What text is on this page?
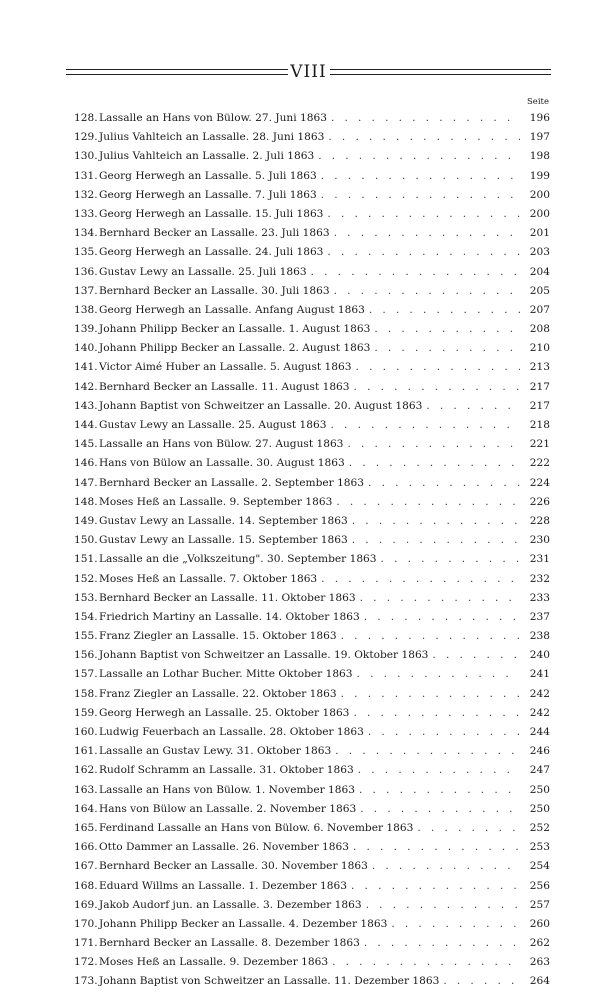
VIII
Seite
128. Lassalle an Hans von Bülow. 27. Juni 1863 . . .	196
129. Julius Vahlteich an Lassalle. 28. Juni 1863 . . .	197
130. Julius Vahlteich an Lassalle. 2. Juli 1863 . . .	198
131. Georg Herwegh an Lassalle. 5. Juli 1863 . . .	199
132. Georg Herwegh an Lassalle. 7. Juli 1863 . . .	200
133. Georg Herwegh an Lassalle. 15. Juli 1863 . . .	200
134. Bernhard Becker an Lassalle. 23. Juli 1863 . . .	201
135. Georg Herwegh an Lassalle. 24. Juli 1863 . . .	203
136. Gustav Lewy an Lassalle. 25. Juli 1863 . . .	204
137. Bernhard Becker an Lassalle. 30. Juli 1863 . . .	205
138. Georg Herwegh an Lassalle. Anfang August 1863 . . .	207
139. Johann Philipp Becker an Lassalle. 1. August 1863 . . .	208
140. Johann Philipp Becker an Lassalle. 2. August 1863 . . .	210
141. Victor Aimé Huber an Lassalle. 5. August 1863 . . .	213
142. Bernhard Becker an Lassalle. 11. August 1863 . . .	217
143. Johann Baptist von Schweitzer an Lassalle. 20. August 1863 . . .	217
144. Gustav Lewy an Lassalle. 25. August 1863 . . .	218
145. Lassalle an Hans von Bülow. 27. August 1863 . . .	221
146. Hans von Bülow an Lassalle. 30. August 1863 . . .	222
147. Bernhard Becker an Lassalle. 2. September 1863 . . .	224
148. Moses Heß an Lassalle. 9. September 1863 . . .	226
149. Gustav Lewy an Lassalle. 14. September 1863 . . .	228
150. Gustav Lewy an Lassalle. 15. September 1863 . . .	230
151. Lassalle an die „Volkszeitung". 30. September 1863 . . .	231
152. Moses Heß an Lassalle. 7. Oktober 1863 . . .	232
153. Bernhard Becker an Lassalle. 11. Oktober 1863 . . .	233
154. Friedrich Martiny an Lassalle. 14. Oktober 1863 . . .	237
155. Franz Ziegler an Lassalle. 15. Oktober 1863 . . .	238
156. Johann Baptist von Schweitzer an Lassalle. 19. Oktober 1863 . . .	240
157. Lassalle an Lothar Bucher. Mitte Oktober 1863 . . .	241
158. Franz Ziegler an Lassalle. 22. Oktober 1863 . . .	242
159. Georg Herwegh an Lassalle. 25. Oktober 1863 . . .	242
160. Ludwig Feuerbach an Lassalle. 28. Oktober 1863 . . .	244
161. Lassalle an Gustav Lewy. 31. Oktober 1863 . . .	246
162. Rudolf Schramm an Lassalle. 31. Oktober 1863 . . .	247
163. Lassalle an Hans von Bülow. 1. November 1863 . . .	250
164. Hans von Bülow an Lassalle. 2. November 1863 . . .	250
165. Ferdinand Lassalle an Hans von Bülow. 6. November 1863 . . .	252
166. Otto Dammer an Lassalle. 26. November 1863 . . .	253
167. Bernhard Becker an Lassalle. 30. November 1863 . . .	254
168. Eduard Willms an Lassalle. 1. Dezember 1863 . . .	256
169. Jakob Audorf jun. an Lassalle. 3. Dezember 1863 . . .	257
170. Johann Philipp Becker an Lassalle. 4. Dezember 1863 . . .	260
171. Bernhard Becker an Lassalle. 8. Dezember 1863 . . .	262
172. Moses Heß an Lassalle. 9. Dezember 1863 . . .	263
173. Johann Baptist von Schweitzer an Lassalle. 11. Dezember 1863 . . .	264
